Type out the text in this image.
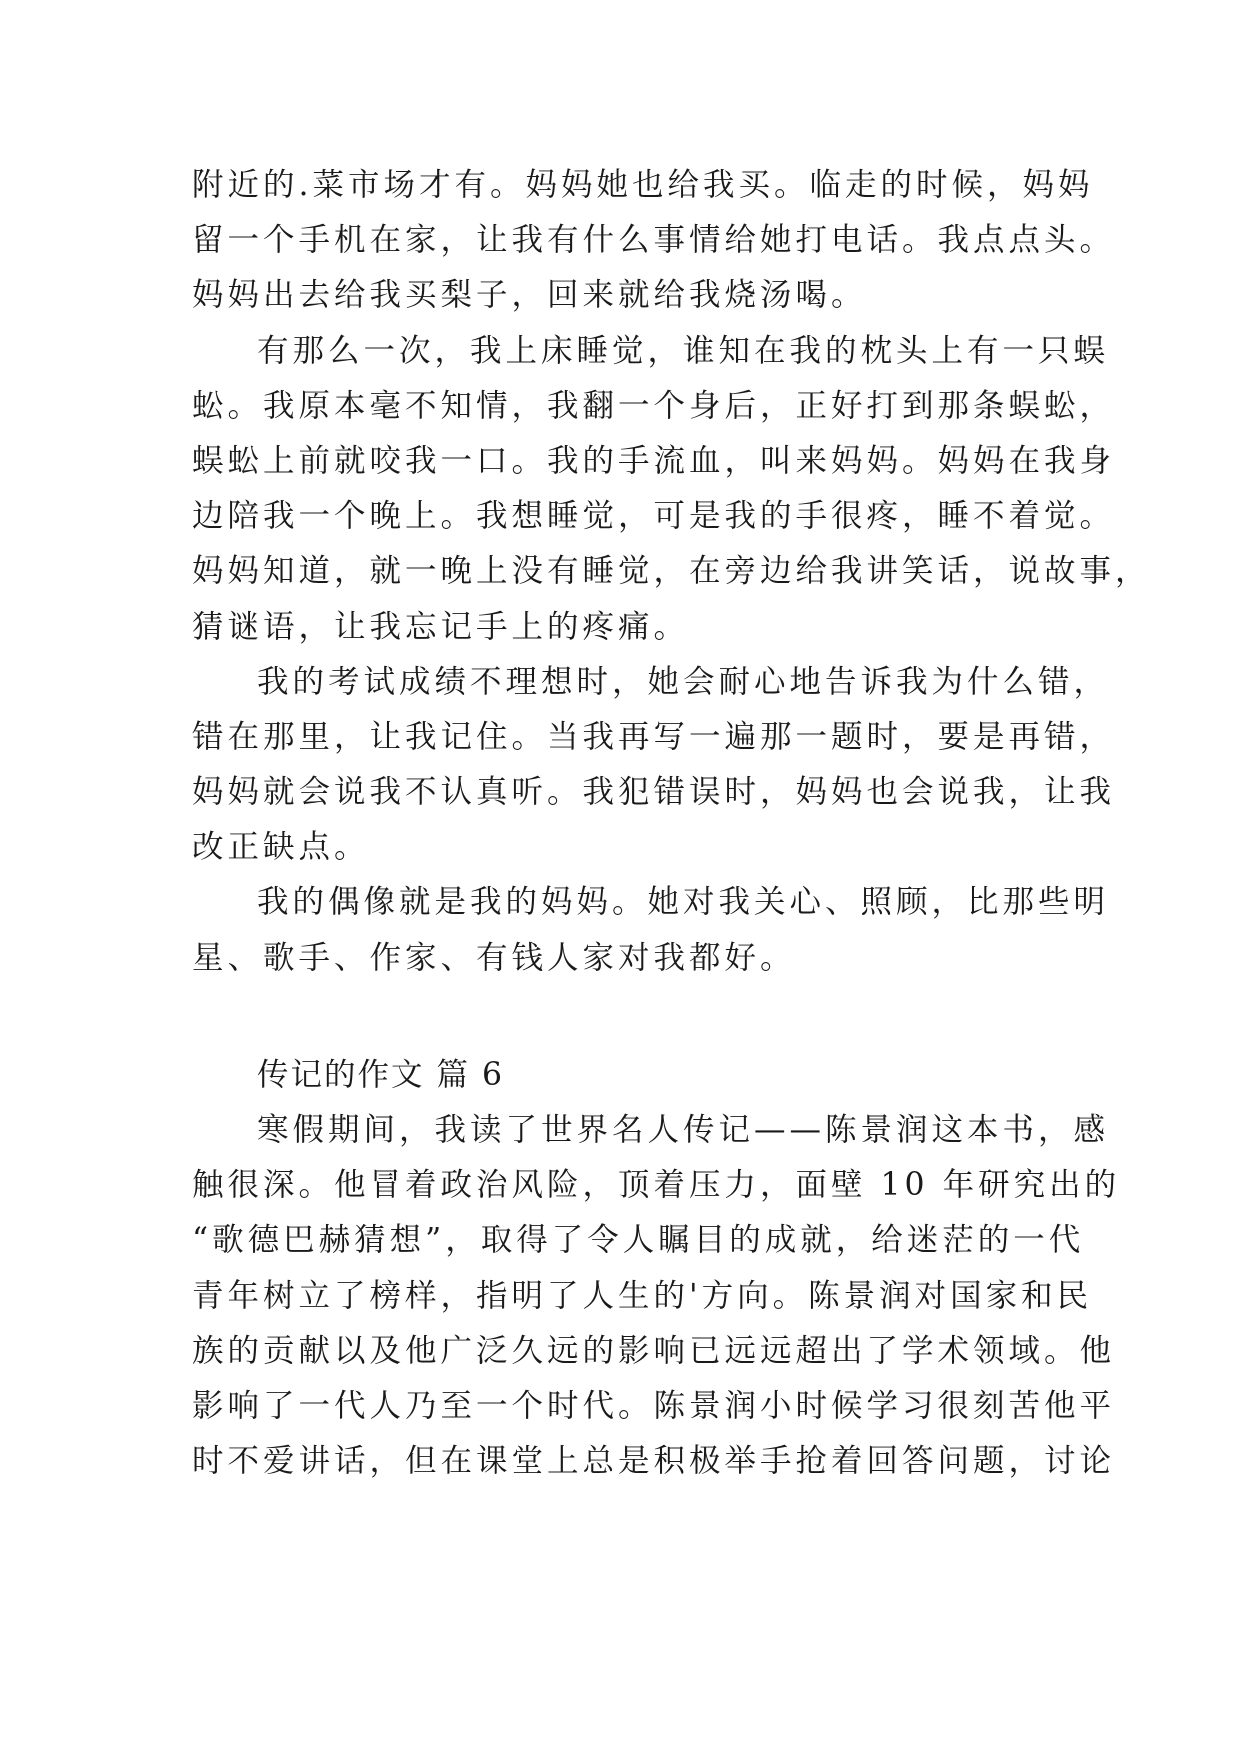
附近的.菜市场才有。妈妈她也给我买。临走的时候，妈妈
留一个手机在家，让我有什么事情给她打电话。我点点头。
妈妈出去给我买梨子，回来就给我烧汤喝。
有那么一次，我上床睡觉，谁知在我的枕头上有一只蜈
蚣。我原本毫不知情，我翻一个身后，正好打到那条蜈蚣，
蜈蚣上前就咬我一口。我的手流血，叫来妈妈。妈妈在我身
边陪我一个晚上。我想睡觉，可是我的手很疼，睡不着觉。
妈妈知道，就一晚上没有睡觉，在旁边给我讲笑话，说故事，
猜谜语，让我忘记手上的疼痛。
我的考试成绩不理想时，她会耐心地告诉我为什么错，
错在那里，让我记住。当我再写一遍那一题时，要是再错，
妈妈就会说我不认真听。我犯错误时，妈妈也会说我，让我
改正缺点。
我的偶像就是我的妈妈。她对我关心、照顾，比那些明
星、歌手、作家、有钱人家对我都好。
传记的作文 篇 6
寒假期间，我读了世界名人传记——陈景润这本书，感
触很深。他冒着政治风险，顶着压力，面壁 10 年研究出的
“歌德巴赫猜想”，取得了令人瞩目的成就，给迷茫的一代
青年树立了榜样，指明了人生的'方向。陈景润对国家和民
族的贡献以及他广泛久远的影响已远远超出了学术领域。他
影响了一代人乃至一个时代。陈景润小时候学习很刻苦他平
时不爱讲话，但在课堂上总是积极举手抢着回答问题，讨论
